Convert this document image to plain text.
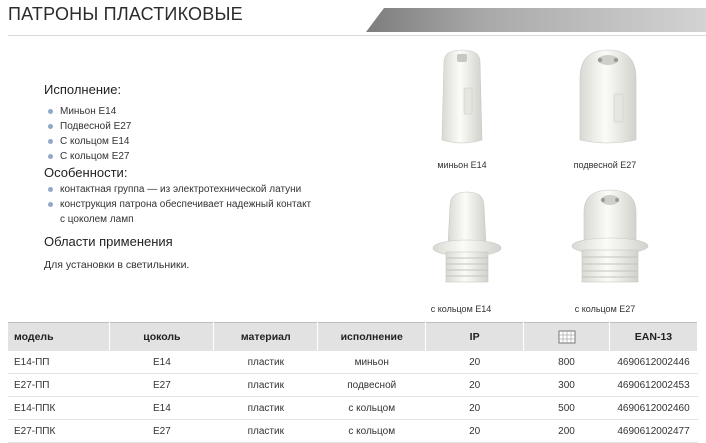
ПАТРОНЫ ПЛАСТИКОВЫЕ
Исполнение:
Миньон E14
Подвесной E27
С кольцом E14
С кольцом E27
Особенности:
контактная группа — из электротехнической латуни
конструкция патрона обеспечивает надежный контакт
с цоколем ламп
Области применения
Для установки в светильники.
миньон E14	подвесной E27
с кольцом E14	с кольцом E27
модель	цоколь	материал	исполнение	IP		EAN-13
E14-ПП	E14	пластик	миньон	20	800	4690612002446
E27-ПП	E27	пластик	подвесной	20	300	4690612002453
E14-ППК	E14	пластик	с кольцом	20	500	4690612002460
E27-ППК	E27	пластик	с кольцом	20	200	4690612002477
